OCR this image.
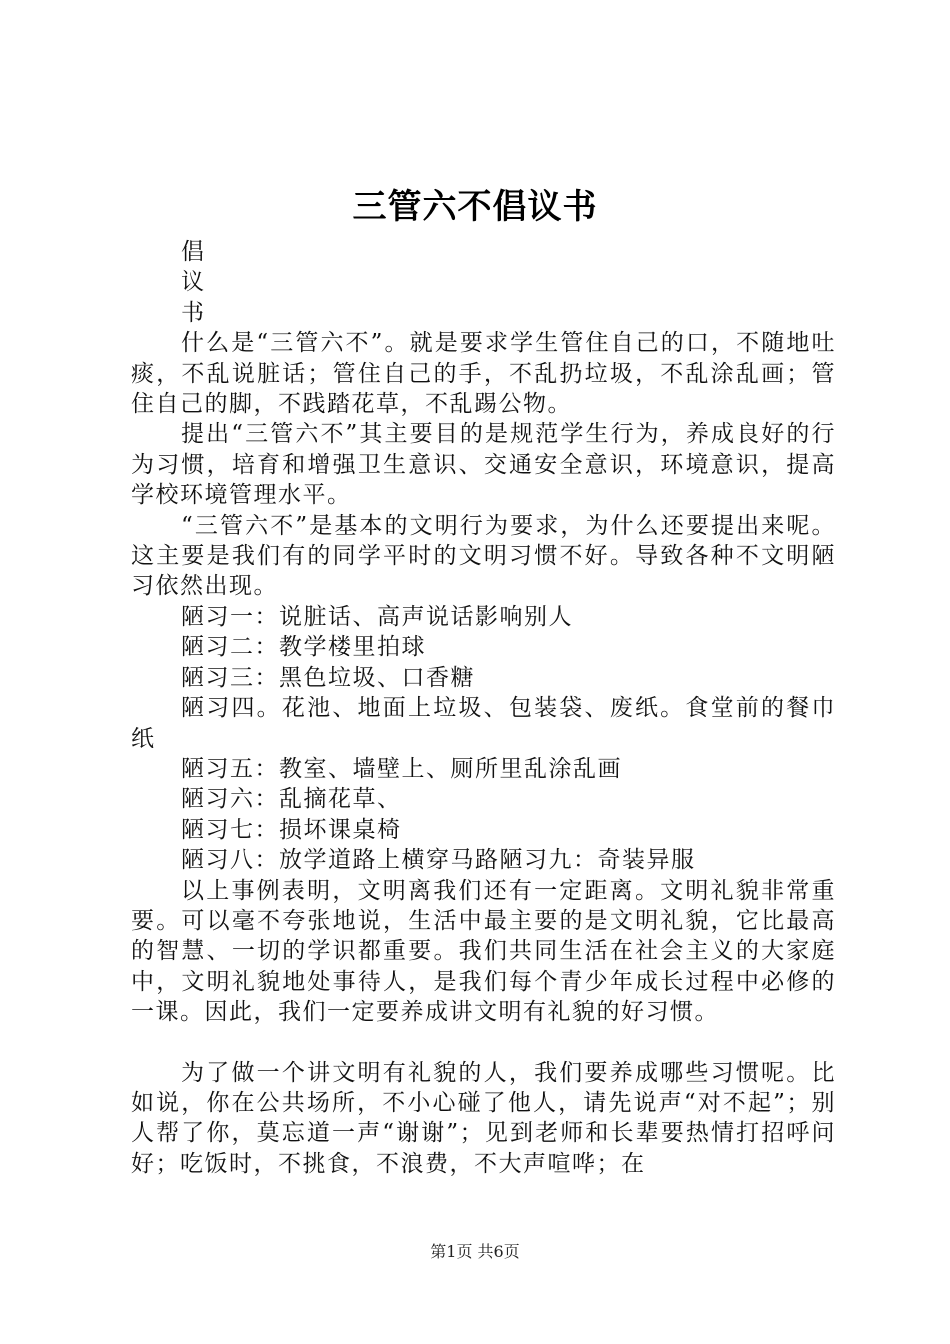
三管六不倡议书

倡

议

书

什么是“三管六不”。就是要求学生管住自己的口，不随地吐痰，不乱说脏话；管住自己的手，不乱扔垃圾，不乱涂乱画；管住自己的脚，不践踏花草，不乱踢公物。

提出“三管六不”其主要目的是规范学生行为，养成良好的行为习惯，培育和增强卫生意识、交通安全意识，环境意识，提高学校环境管理水平。

“三管六不”是基本的文明行为要求，为什么还要提出来呢。这主要是我们有的同学平时的文明习惯不好。导致各种不文明陋习依然出现。

陋习一：说脏话、高声说话影响别人

陋习二：教学楼里拍球

陋习三：黑色垃圾、口香糖

陋习四。花池、地面上垃圾、包装袋、废纸。食堂前的餐巾纸

陋习五：教室、墙壁上、厕所里乱涂乱画

陋习六：乱摘花草、

陋习七：损坏课桌椅

陋习八：放学道路上横穿马路陋习九：奇装异服

以上事例表明，文明离我们还有一定距离。文明礼貌非常重要。可以毫不夸张地说，生活中最主要的是文明礼貌，它比最高的智慧、一切的学识都重要。我们共同生活在社会主义的大家庭中，文明礼貌地处事待人，是我们每个青少年成长过程中必修的一课。因此，我们一定要养成讲文明有礼貌的好习惯。

为了做一个讲文明有礼貌的人，我们要养成哪些习惯呢。比如说，你在公共场所，不小心碰了他人，请先说声“对不起”；别人帮了你，莫忘道一声“谢谢”；见到老师和长辈要热情打招呼问好；吃饭时，不挑食，不浪费，不大声喧哗；在

第1页 共6页
